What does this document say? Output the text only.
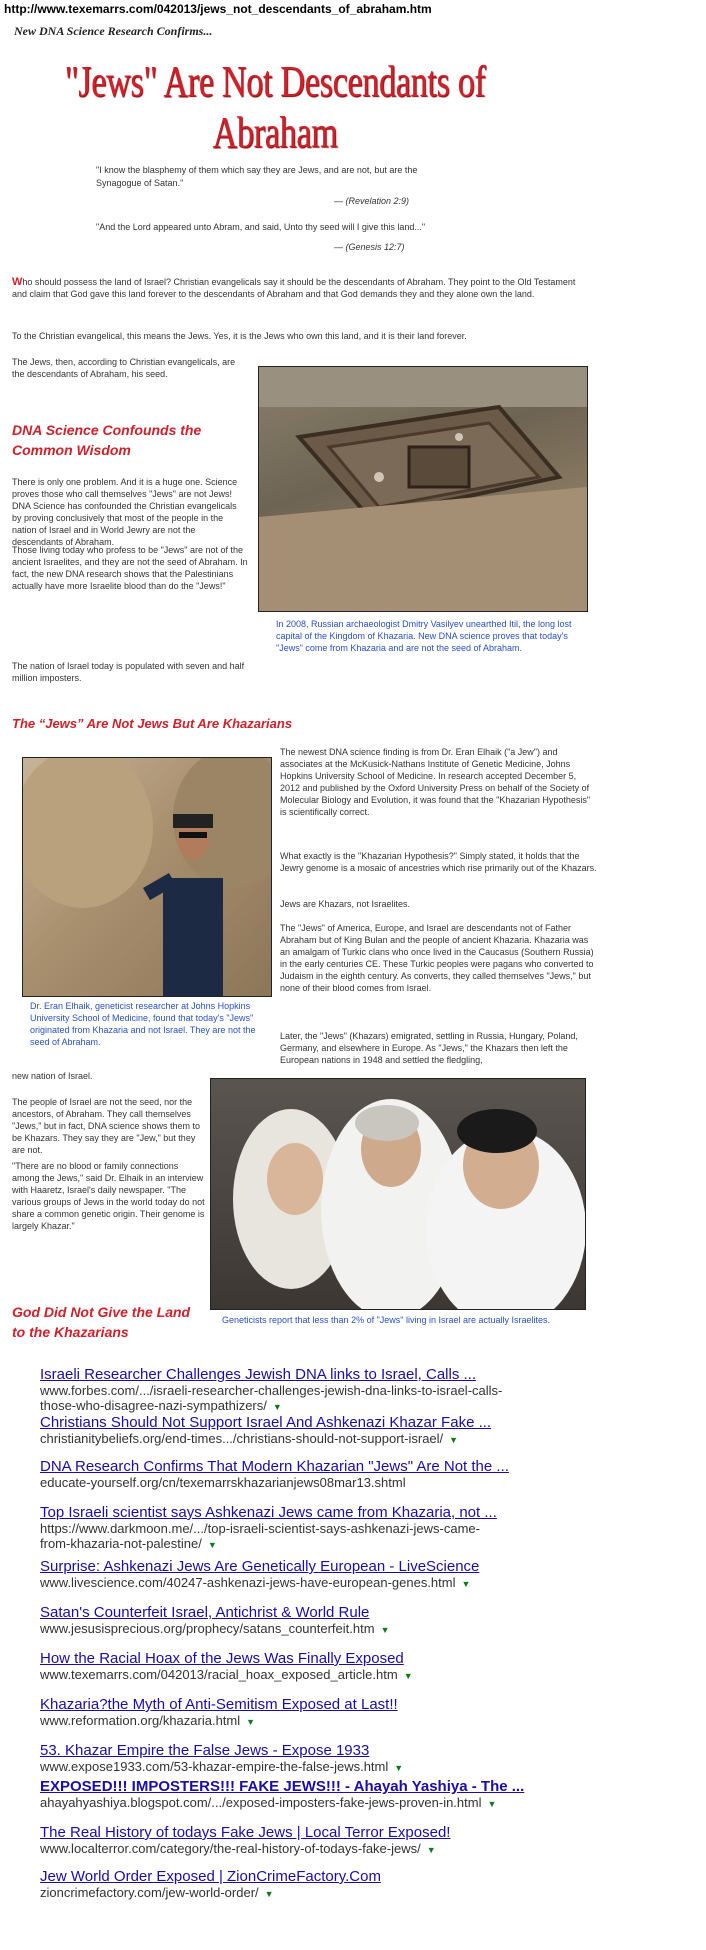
http://www.texemarrs.com/042013/jews_not_descendants_of_abraham.htm
New DNA Science Research Confirms...
"Jews" Are Not Descendants of Abraham
"I know the blasphemy of them which say they are Jews, and are not, but are the
Synagogue of Satan."
— (Revelation 2:9)
"And the Lord appeared unto Abram, and said, Unto thy seed will I give this land..."
— (Genesis 12:7)
Who should possess the land of Israel? Christian evangelicals say it should be the descendants of Abraham. They point to the Old Testament and claim that God gave this land forever to the descendants of Abraham and that God demands they and they alone own the land.
To the Christian evangelical, this means the Jews. Yes, it is the Jews who own this land, and it is their land forever.
The Jews, then, according to Christian evangelicals, are the descendants of Abraham, his seed.
DNA Science Confounds the Common Wisdom
There is only one problem. And it is a huge one. Science proves those who call themselves "Jews" are not Jews! DNA Science has confounded the Christian evangelicals by proving conclusively that most of the people in the nation of Israel and in World Jewry are not the descendants of Abraham.
Those living today who profess to be "Jews" are not of the ancient Israelites, and they are not the seed of Abraham. In fact, the new DNA research shows that the Palestinians actually have more Israelite blood than do the "Jews!"
The nation of Israel today is populated with seven and half million imposters.
In 2008, Russian archaeologist Dmitry Vasilyev unearthed Itil, the long lost capital of the Kingdom of Khazaria. New DNA science proves that today's "Jews" come from Khazaria and are not the seed of Abraham.
The “Jews” Are Not Jews But Are Khazarians
Dr. Eran Elhaik, geneticist researcher at Johns Hopkins University School of Medicine, found that today's "Jews" originated from Khazaria and not Israel. They are not the seed of Abraham.
The newest DNA science finding is from Dr. Eran Elhaik ("a Jew") and associates at the McKusick-Nathans Institute of Genetic Medicine, Johns Hopkins University School of Medicine. In research accepted December 5, 2012 and published by the Oxford University Press on behalf of the Society of Molecular Biology and Evolution, it was found that the "Khazarian Hypothesis" is scientifically correct.
What exactly is the "Khazarian Hypothesis?" Simply stated, it holds that the Jewry genome is a mosaic of ancestries which rise primarily out of the Khazars.
Jews are Khazars, not Israelites.
The "Jews" of America, Europe, and Israel are descendants not of Father Abraham but of King Bulan and the people of ancient Khazaria. Khazaria was an amalgam of Turkic clans who once lived in the Caucasus (Southern Russia) in the early centuries CE. These Turkic peoples were pagans who converted to Judaism in the eighth century. As converts, they called themselves "Jews," but none of their blood comes from Israel.
Later, the "Jews" (Khazars) emigrated, settling in Russia, Hungary, Poland, Germany, and elsewhere in Europe. As "Jews," the Khazars then left the European nations in 1948 and settled the fledgling,
new nation of Israel.
The people of Israel are not the seed, nor the ancestors, of Abraham. They call themselves "Jews," but in fact, DNA science shows them to be Khazars. They say they are "Jew," but they are not.
"There are no blood or family connections among the Jews," said Dr. Elhaik in an interview with Haaretz, Israel's daily newspaper. "The various groups of Jews in the world today do not share a common genetic origin. Their genome is largely Khazar."
God Did Not Give the Land to the Khazarians
Geneticists report that less than 2% of "Jews" living in Israel are actually Israelites.
Israeli Researcher Challenges Jewish DNA links to Israel, Calls ...
www.forbes.com/.../israeli-researcher-challenges-jewish-dna-links-to-israel-calls-
those-who-disagree-nazi-sympathizers/ ▼
Christians Should Not Support Israel And Ashkenazi Khazar Fake ...
christianitybeliefs.org/end-times.../christians-should-not-support-israel/ ▼
DNA Research Confirms That Modern Khazarian "Jews" Are Not the ...
educate-yourself.org/cn/texemarrskhazarianjews08mar13.shtml
Top Israeli scientist says Ashkenazi Jews came from Khazaria, not ...
https://www.darkmoon.me/.../top-israeli-scientist-says-ashkenazi-jews-came-
from-khazaria-not-palestine/ ▼
Surprise: Ashkenazi Jews Are Genetically European - LiveScience
www.livescience.com/40247-ashkenazi-jews-have-european-genes.html ▼
Satan's Counterfeit Israel, Antichrist & World Rule
www.jesusisprecious.org/prophecy/satans_counterfeit.htm ▼
How the Racial Hoax of the Jews Was Finally Exposed
www.texemarrs.com/042013/racial_hoax_exposed_article.htm ▼
Khazaria?the Myth of Anti-Semitism Exposed at Last!!
www.reformation.org/khazaria.html ▼
53. Khazar Empire the False Jews - Expose 1933
www.expose1933.com/53-khazar-empire-the-false-jews.html ▼
EXPOSED!!! IMPOSTERS!!! FAKE JEWS!!! - Ahayah Yashiya - The ...
ahayahyashiya.blogspot.com/.../exposed-imposters-fake-jews-proven-in.html ▼
The Real History of todays Fake Jews | Local Terror Exposed!
www.localterror.com/category/the-real-history-of-todays-fake-jews/ ▼
Jew World Order Exposed | ZionCrimeFactory.Com
zioncrimefactory.com/jew-world-order/ ▼
